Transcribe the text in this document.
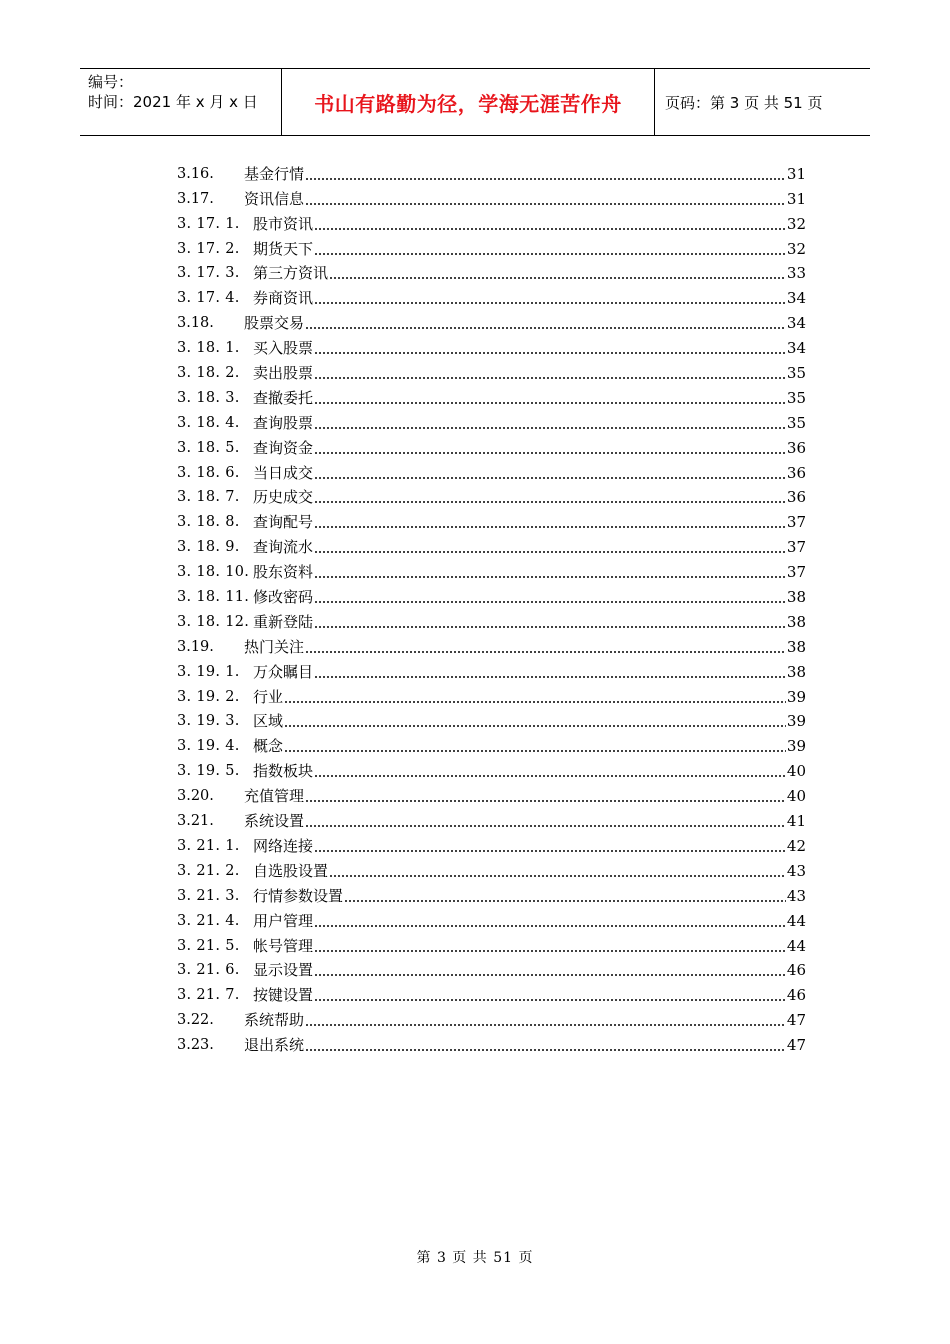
编号：
时间：2021 年 x 月 x 日	书山有路勤为径，学海无涯苦作舟	页码：第 3 页 共 51 页
3.16.	基金行情	31
3.17.	资讯信息	31
3. 17. 1. 股市资讯	32
3. 17. 2. 期货天下	32
3. 17. 3. 第三方资讯	33
3. 17. 4. 券商资讯	34
3.18.	股票交易	34
3. 18. 1. 买入股票	34
3. 18. 2. 卖出股票	35
3. 18. 3. 查撤委托	35
3. 18. 4. 查询股票	35
3. 18. 5. 查询资金	36
3. 18. 6. 当日成交	36
3. 18. 7. 历史成交	36
3. 18. 8. 查询配号	37
3. 18. 9. 查询流水	37
3. 18. 10. 股东资料	37
3. 18. 11. 修改密码	38
3. 18. 12. 重新登陆	38
3.19.	热门关注	38
3. 19. 1. 万众瞩目	38
3. 19. 2. 行业	39
3. 19. 3. 区域	39
3. 19. 4. 概念	39
3. 19. 5. 指数板块	40
3.20.	充值管理	40
3.21.	系统设置	41
3. 21. 1. 网络连接	42
3. 21. 2. 自选股设置	43
3. 21. 3. 行情参数设置	43
3. 21. 4. 用户管理	44
3. 21. 5. 帐号管理	44
3. 21. 6. 显示设置	46
3. 21. 7. 按键设置	46
3.22.	系统帮助	47
3.23.	退出系统	47
第 3 页 共 51 页
